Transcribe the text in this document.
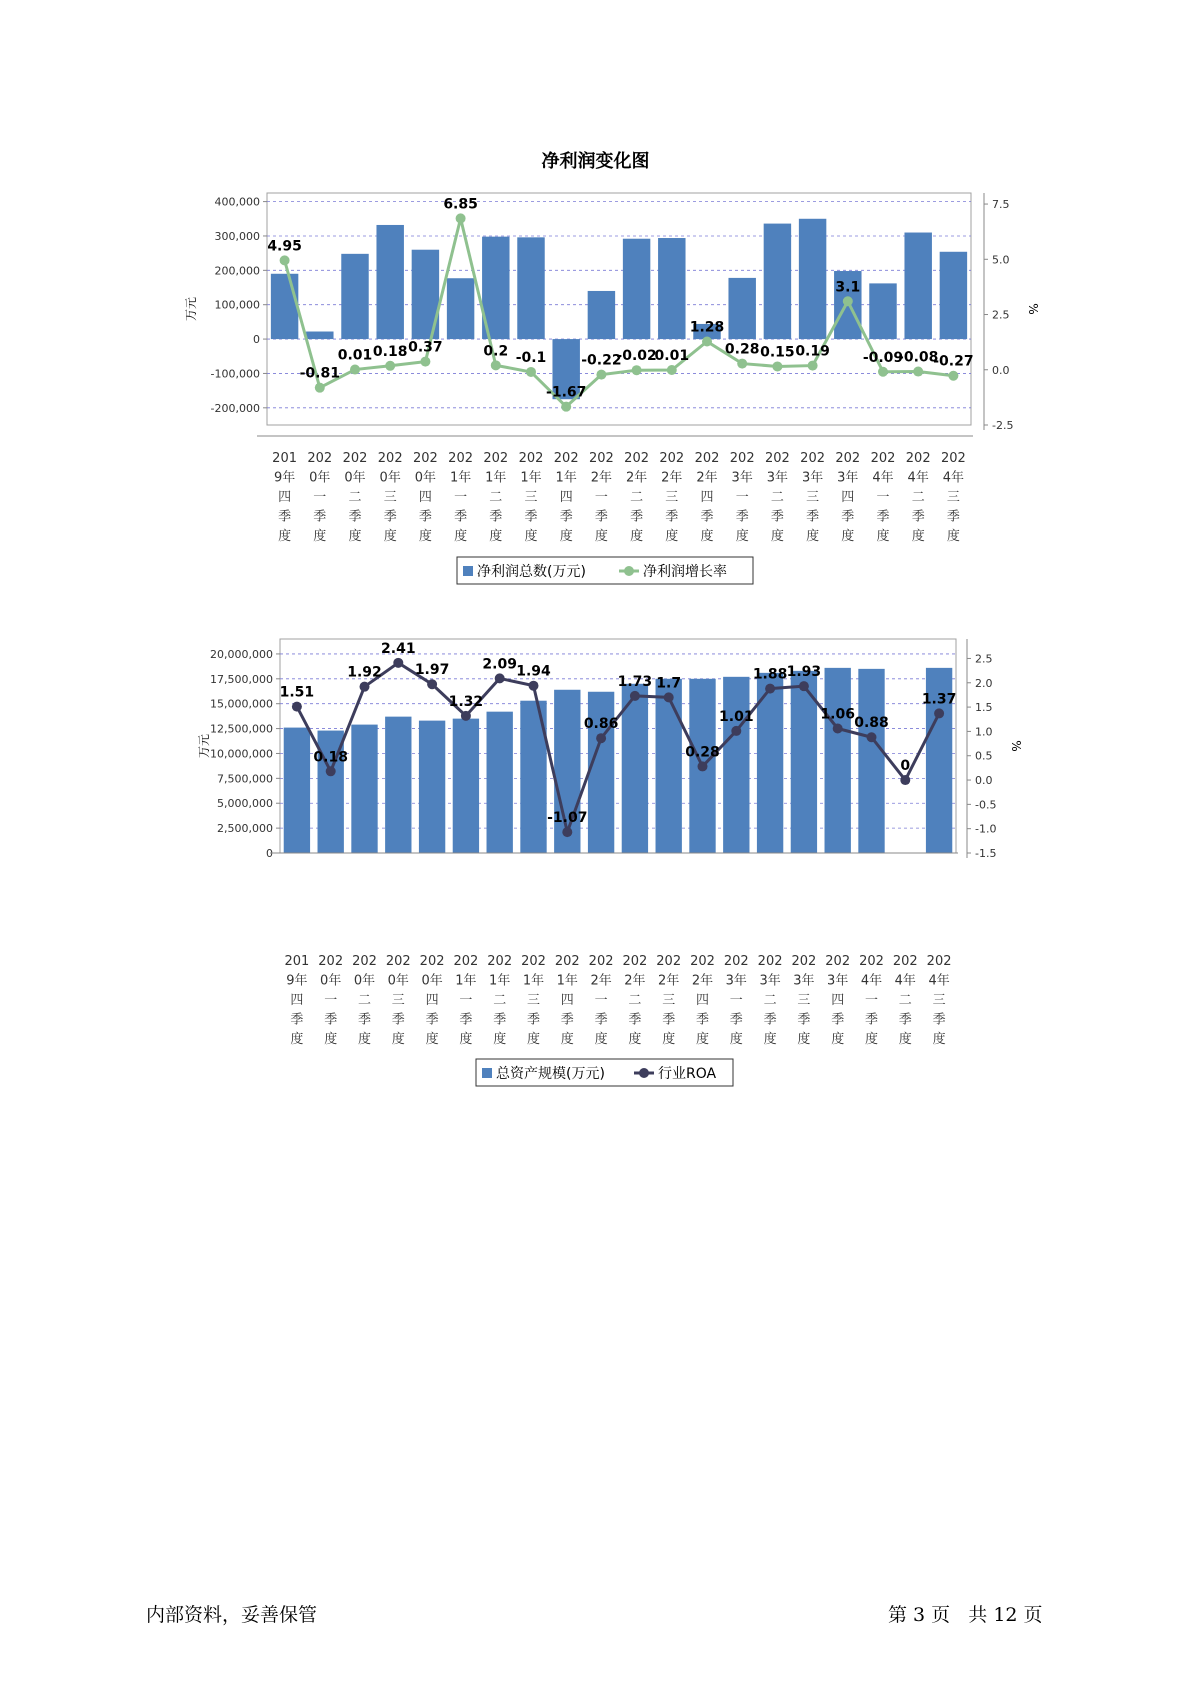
净利润变化图
400,000
300,000
200,000
100,000
0
-100,000
-200,000
万元
7.5
5.0
2.5
0.0
-2.5
%
201
9年
四
季
度
202
0年
一
季
度
202
0年
二
季
度
202
0年
三
季
度
202
0年
四
季
度
202
1年
一
季
度
202
1年
二
季
度
202
1年
三
季
度
202
1年
四
季
度
202
2年
一
季
度
202
2年
二
季
度
202
2年
三
季
度
202
2年
四
季
度
202
3年
一
季
度
202
3年
二
季
度
202
3年
三
季
度
202
3年
四
季
度
202
4年
一
季
度
202
4年
二
季
度
202
4年
三
季
度
4.95
-0.81
0.01 0.18 0.37
6.85
0.2 -0.1
-1.67
-0.22
-0.02
0.01
1.28
0.28 0.15 0.19
3.1
-0.09
-0.08
-0.27
净利润总数(万元)	净利润增长率
20,000,000
17,500,000
15,000,000
12,500,000
10,000,000
7,500,000
5,000,000
2,500,000
0
万元
2.5
2.0
1.5
1.0
0.5
0.0
-0.5
-1.0
-1.5
%
201
9年
四
季
度
202
0年
一
季
度
202
0年
二
季
度
202
0年
三
季
度
202
0年
四
季
度
202
1年
一
季
度
202
1年
二
季
度
202
1年
三
季
度
202
1年
四
季
度
202
2年
一
季
度
202
2年
二
季
度
202
2年
三
季
度
202
2年
四
季
度
202
3年
一
季
度
202
3年
二
季
度
202
3年
三
季
度
202
3年
四
季
度
202
4年
一
季
度
202
4年
二
季
度
202
4年
三
季
度
1.51
0.18
1.92
2.41
1.97
1.32
2.09 1.94
-1.07
0.86
1.73 1.7
0.28
1.01
1.88 1.93
1.06
0.88
0
1.37
总资产规模(万元)	行业ROA
内部资料，妥善保管	第 3 页   共 12 页
